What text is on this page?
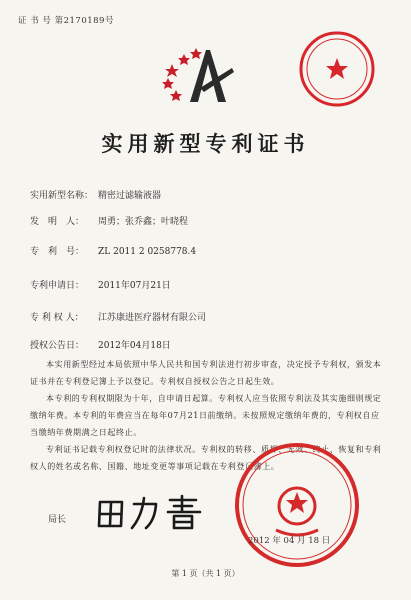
证 书 号 第2170189号
实用新型专利证书
实用新型名称： 精密过滤输液器
发　明　人： 周勇；张乔鑫；叶晓程
专　利　号： ZL 2011 2 0258778.4
专利申请日： 2011年07月21日
专 利 权 人： 江苏康进医疗器材有限公司
授权公告日： 2012年04月18日
本实用新型经过本局依照中华人民共和国专利法进行初步审查，决定授予专利权，颁发本证书并在专利登记簿上予以登记。专利权自授权公告之日起生效。
本专利的专利权期限为十年，自申请日起算。专利权人应当依照专利法及其实施细则规定缴纳年费。本专利的年费应当在每年07月21日前缴纳。未按照规定缴纳年费的，专利权自应当缴纳年费期满之日起终止。
专利证书记载专利权登记时的法律状况。专利权的转移、质押、无效、终止、恢复和专利权人的姓名或名称、国籍、地址变更等事项记载在专利登记簿上。
局长
2012 年 04 月 18 日
第 1 页（共 1 页）
